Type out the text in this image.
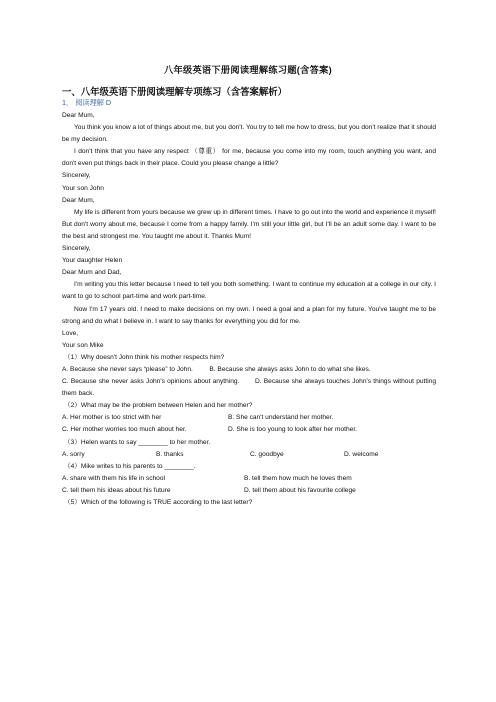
八年级英语下册阅读理解练习题(含答案)
一、八年级英语下册阅读理解专项练习（含答案解析）
1． 阅读理解 D

Dear Mum,

You think you know a lot of things about me, but you don't. You try to tell me how to dress, but you don't realize that it should be my decision.

I don't think that you have any respect （尊重） for me, because you come into my room, touch anything you want, and don't even put things back in their place. Could you please change a little?

Sincerely,

Your son John

Dear Mum,

My life is different from yours because we grew up in different times. I have to go out into the world and experience it myself! But don't worry about me, because I come from a happy family. I'm still your little girl, but I'll be an adult some day. I want to be the best and strongest me. You taught me about it. Thanks Mum!

Sincerely,

Your daughter Helen

Dear Mum and Dad,

I'm writing you this letter because I need to tell you both something. I want to continue my education at a college in our city. I want to go to school part-time and work part-time.

Now I'm 17 years old. I need to make decisions on my own. I need a goal and a plan for my future. You've taught me to be strong and do what I believe in. I want to say thanks for everything you did for me.

Love,

Your son Mike

（1）Why doesn't John think his mother respects him?

A. Because she never says “please” to John.	B. Because she always asks John to do what she likes.

C. Because she never asks John's opinions about anything. D. Because she always touches John's things without putting them back.

（2）What may be the problem between Helen and her mother?

A. Her mother is too strict with her	B. She can't understand her mother.
C. Her mother worries too much about her.	D. She is too young to look after her mother.

（3）Helen wants to say ________ to her mother.

A. sorry	B. thanks	C. goodbye	D. welcome

（4）Mike writes to his parents to ________.

A. share with them his life in school	B. tell them how much he loves them
C. tell them his ideas about his future	D. tell them about his favourite college

（5）Which of the following is TRUE according to the last letter?
